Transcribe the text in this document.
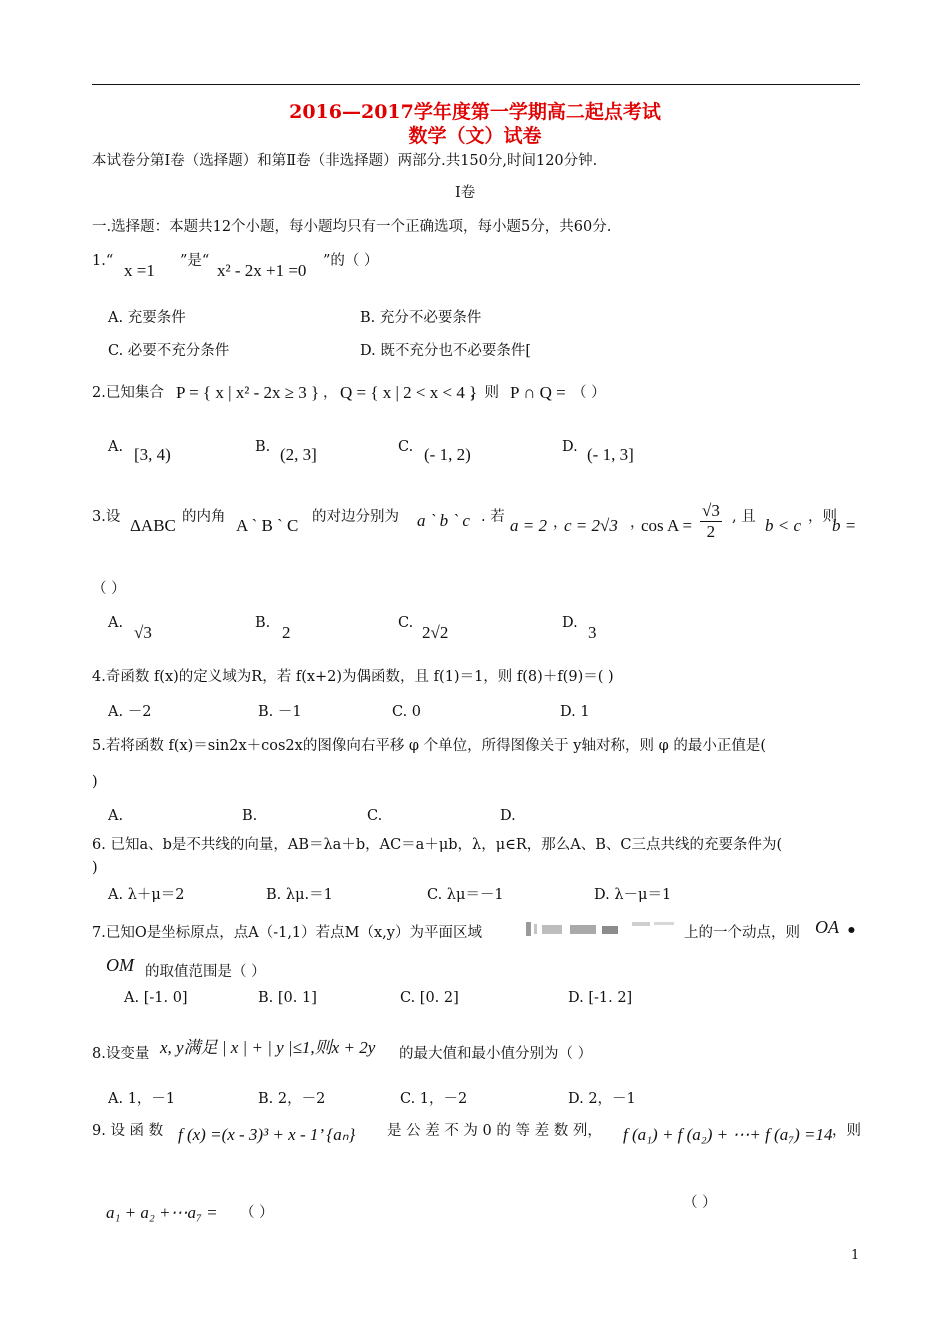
2016—2017学年度第一学期高二起点考试
数学（文）试卷
本试卷分第Ⅰ卷（选择题）和第Ⅱ卷（非选择题）两部分.共150分,时间120分钟.
Ⅰ卷
一.选择题：本题共12个小题，每小题均只有一个正确选项，每小题5分，共60分.
1.“ x =1 ”是“ x² - 2x +1 =0 ”的（ ）
A. 充要条件	B. 充分不必要条件
C. 必要不充分条件	D. 既不充分也不必要条件[
2.已知集合 P = { x | x² - 2x ≥ 3 } ， Q = { x | 2 < x < 4 }
，则 P ∩ Q = （ ）
A. [3, 4)	B. (2, 3]	C. (- 1, 2)	D. (- 1, 3]
3.设 ΔABC 的内角 A ` B ` C 的对边分别为 a ` b ` c . 若 a = 2 ，
c = 2√3 ，
$\cos A = \frac{√3}{2}$ , 且 b < c ，则
b =
（ ）
A. √3	B. 2	C. 2√2	D. 3
4.奇函数 f(x)的定义域为R，若 f(x+2)为偶函数，且 f(1)＝1，则 f(8)＋f(9)＝( )
A. －2	B. －1	C. 0	D. 1
5.若将函数 f(x)＝sin2x＋cos2x的图像向右平移 φ 个单位，所得图像关于 y轴对称，则 φ 的最小正值是(
)
A.	B.	C.	D.
6. 已知a、b是不共线的向量，AB＝λa＋b，AC＝a＋μb，λ，μ∈R，那么A、B、C三点共线的充要条件为(
)
A. λ＋μ＝2	B. λμ.＝1	C. λμ＝－1	D. λ－μ＝1
7.已知O是坐标原点，点A（-1,1）若点M（x,y）为平面区域	上的一个动点，则 OA •
OM 的取值范围是（ ）
A. [-1. 0]	B. [0. 1]	C. [0. 2]	D. [-1. 2]
8.设变量 x, y满足 | x | + | y |≤1,则x + 2y 的最大值和最小值分别为（ ）
A. 1，－1	B. 2，－2	C. 1，－2	D. 2，－1
9. 设 函 数 f (x) =(x - 3)³ + x - 1’ {aₙ} 是 公 差 不 为 0 的 等 差 数 列， f (a₁) + f (a₂) + ⋯+ f (a₇) =14 ，则
（ ）
a₁ + a₂ +⋯a₇ = （ ）
1
